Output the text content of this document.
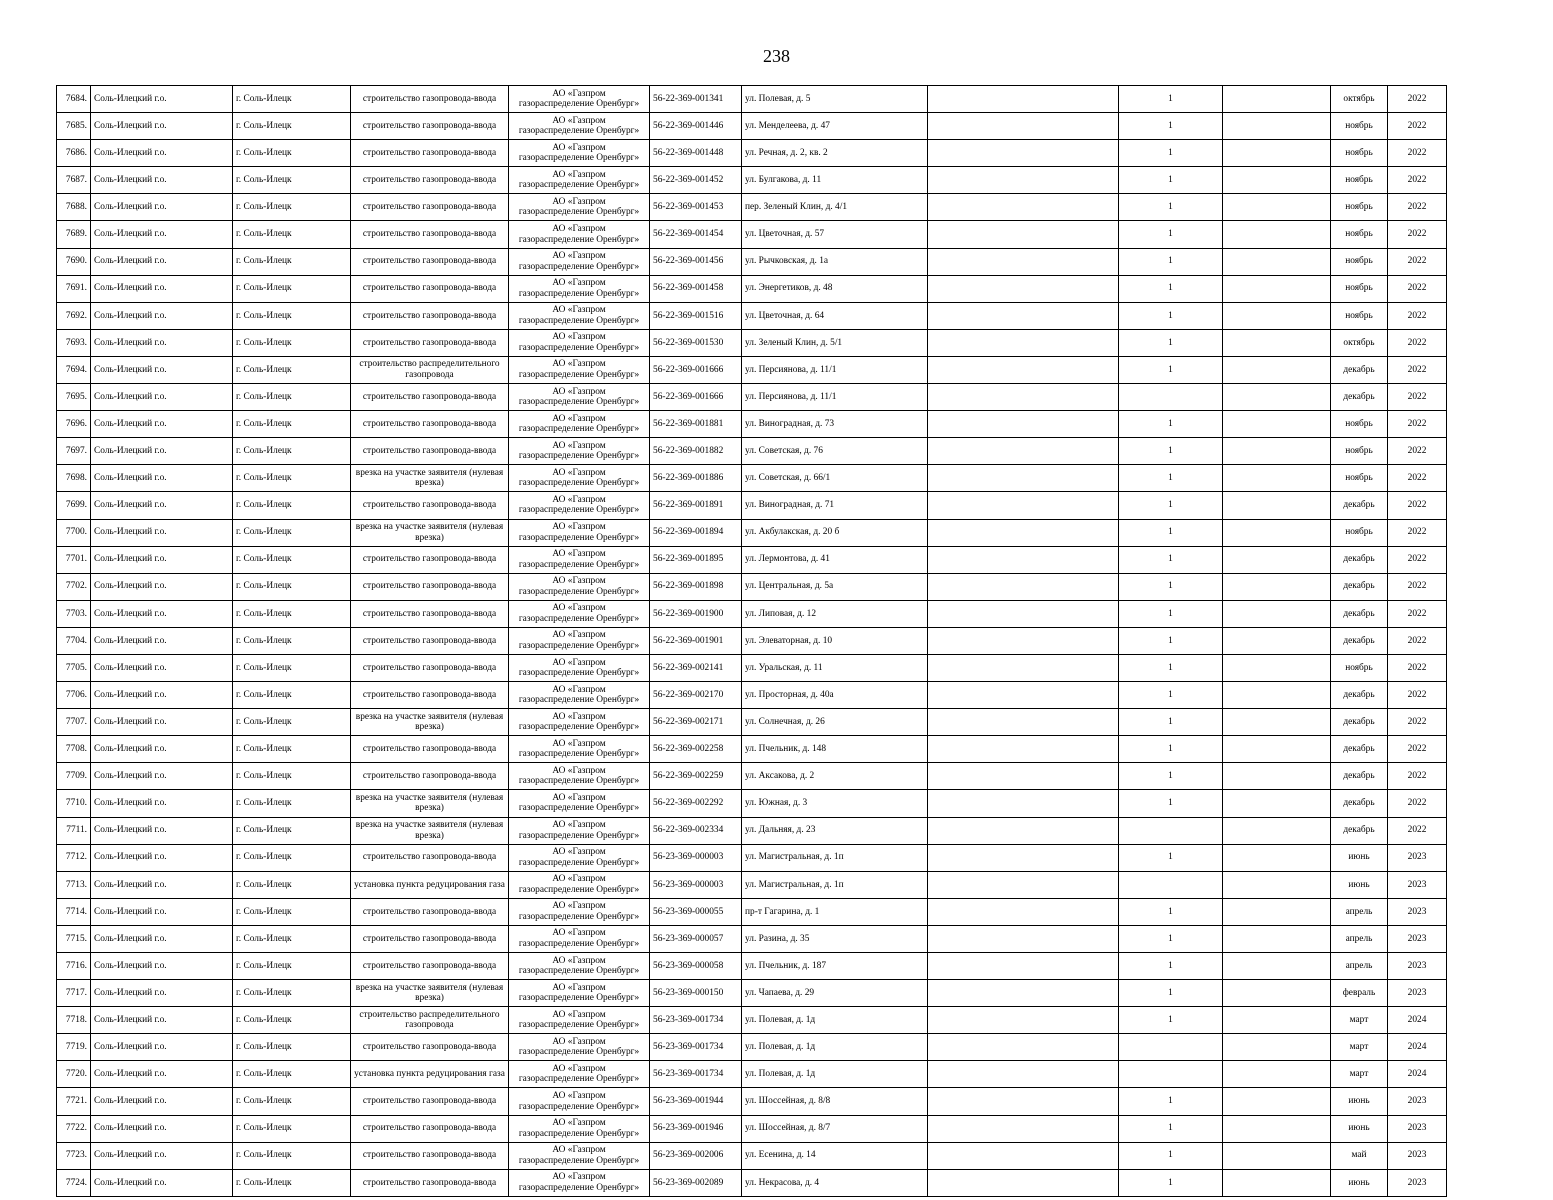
238
7684.	Соль-Илецкий г.о.	г. Соль-Илецк	строительство газопровода-ввода	АО «Газпром
газораспределение Оренбург»	56-22-369-001341	ул. Полевая, д. 5		1		октябрь	2022
7685.	Соль-Илецкий г.о.	г. Соль-Илецк	строительство газопровода-ввода	АО «Газпром
газораспределение Оренбург»	56-22-369-001446	ул. Менделеева, д. 47		1		ноябрь	2022
7686.	Соль-Илецкий г.о.	г. Соль-Илецк	строительство газопровода-ввода	АО «Газпром
газораспределение Оренбург»	56-22-369-001448	ул. Речная, д. 2, кв. 2		1		ноябрь	2022
7687.	Соль-Илецкий г.о.	г. Соль-Илецк	строительство газопровода-ввода	АО «Газпром
газораспределение Оренбург»	56-22-369-001452	ул. Булгакова, д. 11		1		ноябрь	2022
7688.	Соль-Илецкий г.о.	г. Соль-Илецк	строительство газопровода-ввода	АО «Газпром
газораспределение Оренбург»	56-22-369-001453	пер. Зеленый Клин, д. 4/1		1		ноябрь	2022
7689.	Соль-Илецкий г.о.	г. Соль-Илецк	строительство газопровода-ввода	АО «Газпром
газораспределение Оренбург»	56-22-369-001454	ул. Цветочная, д. 57		1		ноябрь	2022
7690.	Соль-Илецкий г.о.	г. Соль-Илецк	строительство газопровода-ввода	АО «Газпром
газораспределение Оренбург»	56-22-369-001456	ул. Рычковская, д. 1а		1		ноябрь	2022
7691.	Соль-Илецкий г.о.	г. Соль-Илецк	строительство газопровода-ввода	АО «Газпром
газораспределение Оренбург»	56-22-369-001458	ул. Энергетиков, д. 48		1		ноябрь	2022
7692.	Соль-Илецкий г.о.	г. Соль-Илецк	строительство газопровода-ввода	АО «Газпром
газораспределение Оренбург»	56-22-369-001516	ул. Цветочная, д. 64		1		ноябрь	2022
7693.	Соль-Илецкий г.о.	г. Соль-Илецк	строительство газопровода-ввода	АО «Газпром
газораспределение Оренбург»	56-22-369-001530	ул. Зеленый Клин, д. 5/1		1		октябрь	2022
7694.	Соль-Илецкий г.о.	г. Соль-Илецк	строительство распределительного газопровода	АО «Газпром
газораспределение Оренбург»	56-22-369-001666	ул. Персиянова, д. 11/1		1		декабрь	2022
7695.	Соль-Илецкий г.о.	г. Соль-Илецк	строительство газопровода-ввода	АО «Газпром
газораспределение Оренбург»	56-22-369-001666	ул. Персиянова, д. 11/1				декабрь	2022
7696.	Соль-Илецкий г.о.	г. Соль-Илецк	строительство газопровода-ввода	АО «Газпром
газораспределение Оренбург»	56-22-369-001881	ул. Виноградная, д. 73		1		ноябрь	2022
7697.	Соль-Илецкий г.о.	г. Соль-Илецк	строительство газопровода-ввода	АО «Газпром
газораспределение Оренбург»	56-22-369-001882	ул. Советская, д. 76		1		ноябрь	2022
7698.	Соль-Илецкий г.о.	г. Соль-Илецк	врезка на участке заявителя (нулевая врезка)	АО «Газпром
газораспределение Оренбург»	56-22-369-001886	ул. Советская, д. 66/1		1		ноябрь	2022
7699.	Соль-Илецкий г.о.	г. Соль-Илецк	строительство газопровода-ввода	АО «Газпром
газораспределение Оренбург»	56-22-369-001891	ул. Виноградная, д. 71		1		декабрь	2022
7700.	Соль-Илецкий г.о.	г. Соль-Илецк	врезка на участке заявителя (нулевая врезка)	АО «Газпром
газораспределение Оренбург»	56-22-369-001894	ул. Акбулакская, д. 20 б		1		ноябрь	2022
7701.	Соль-Илецкий г.о.	г. Соль-Илецк	строительство газопровода-ввода	АО «Газпром
газораспределение Оренбург»	56-22-369-001895	ул. Лермонтова, д. 41		1		декабрь	2022
7702.	Соль-Илецкий г.о.	г. Соль-Илецк	строительство газопровода-ввода	АО «Газпром
газораспределение Оренбург»	56-22-369-001898	ул. Центральная, д. 5а		1		декабрь	2022
7703.	Соль-Илецкий г.о.	г. Соль-Илецк	строительство газопровода-ввода	АО «Газпром
газораспределение Оренбург»	56-22-369-001900	ул. Липовая, д. 12		1		декабрь	2022
7704.	Соль-Илецкий г.о.	г. Соль-Илецк	строительство газопровода-ввода	АО «Газпром
газораспределение Оренбург»	56-22-369-001901	ул. Элеваторная, д. 10		1		декабрь	2022
7705.	Соль-Илецкий г.о.	г. Соль-Илецк	строительство газопровода-ввода	АО «Газпром
газораспределение Оренбург»	56-22-369-002141	ул. Уральская, д. 11		1		ноябрь	2022
7706.	Соль-Илецкий г.о.	г. Соль-Илецк	строительство газопровода-ввода	АО «Газпром
газораспределение Оренбург»	56-22-369-002170	ул. Просторная, д. 40а		1		декабрь	2022
7707.	Соль-Илецкий г.о.	г. Соль-Илецк	врезка на участке заявителя (нулевая врезка)	АО «Газпром
газораспределение Оренбург»	56-22-369-002171	ул. Солнечная, д. 26		1		декабрь	2022
7708.	Соль-Илецкий г.о.	г. Соль-Илецк	строительство газопровода-ввода	АО «Газпром
газораспределение Оренбург»	56-22-369-002258	ул. Пчельник, д. 148		1		декабрь	2022
7709.	Соль-Илецкий г.о.	г. Соль-Илецк	строительство газопровода-ввода	АО «Газпром
газораспределение Оренбург»	56-22-369-002259	ул. Аксакова, д. 2		1		декабрь	2022
7710.	Соль-Илецкий г.о.	г. Соль-Илецк	врезка на участке заявителя (нулевая врезка)	АО «Газпром
газораспределение Оренбург»	56-22-369-002292	ул. Южная, д. 3		1		декабрь	2022
7711.	Соль-Илецкий г.о.	г. Соль-Илецк	врезка на участке заявителя (нулевая врезка)	АО «Газпром
газораспределение Оренбург»	56-22-369-002334	ул. Дальняя, д. 23				декабрь	2022
7712.	Соль-Илецкий г.о.	г. Соль-Илецк	строительство газопровода-ввода	АО «Газпром
газораспределение Оренбург»	56-23-369-000003	ул. Магистральная, д. 1п		1		июнь	2023
7713.	Соль-Илецкий г.о.	г. Соль-Илецк	установка пункта редуцирования газа	АО «Газпром
газораспределение Оренбург»	56-23-369-000003	ул. Магистральная, д. 1п				июнь	2023
7714.	Соль-Илецкий г.о.	г. Соль-Илецк	строительство газопровода-ввода	АО «Газпром
газораспределение Оренбург»	56-23-369-000055	пр-т Гагарина, д. 1		1		апрель	2023
7715.	Соль-Илецкий г.о.	г. Соль-Илецк	строительство газопровода-ввода	АО «Газпром
газораспределение Оренбург»	56-23-369-000057	ул. Разина, д. 35		1		апрель	2023
7716.	Соль-Илецкий г.о.	г. Соль-Илецк	строительство газопровода-ввода	АО «Газпром
газораспределение Оренбург»	56-23-369-000058	ул. Пчельник, д. 187		1		апрель	2023
7717.	Соль-Илецкий г.о.	г. Соль-Илецк	врезка на участке заявителя (нулевая врезка)	АО «Газпром
газораспределение Оренбург»	56-23-369-000150	ул. Чапаева, д. 29		1		февраль	2023
7718.	Соль-Илецкий г.о.	г. Соль-Илецк	строительство распределительного газопровода	АО «Газпром
газораспределение Оренбург»	56-23-369-001734	ул. Полевая, д. 1д		1		март	2024
7719.	Соль-Илецкий г.о.	г. Соль-Илецк	строительство газопровода-ввода	АО «Газпром
газораспределение Оренбург»	56-23-369-001734	ул. Полевая, д. 1д				март	2024
7720.	Соль-Илецкий г.о.	г. Соль-Илецк	установка пункта редуцирования газа	АО «Газпром
газораспределение Оренбург»	56-23-369-001734	ул. Полевая, д. 1д				март	2024
7721.	Соль-Илецкий г.о.	г. Соль-Илецк	строительство газопровода-ввода	АО «Газпром
газораспределение Оренбург»	56-23-369-001944	ул. Шоссейная, д. 8/8		1		июнь	2023
7722.	Соль-Илецкий г.о.	г. Соль-Илецк	строительство газопровода-ввода	АО «Газпром
газораспределение Оренбург»	56-23-369-001946	ул. Шоссейная, д. 8/7		1		июнь	2023
7723.	Соль-Илецкий г.о.	г. Соль-Илецк	строительство газопровода-ввода	АО «Газпром
газораспределение Оренбург»	56-23-369-002006	ул. Есенина, д. 14		1		май	2023
7724.	Соль-Илецкий г.о.	г. Соль-Илецк	строительство газопровода-ввода	АО «Газпром
газораспределение Оренбург»	56-23-369-002089	ул. Некрасова, д. 4		1		июнь	2023
